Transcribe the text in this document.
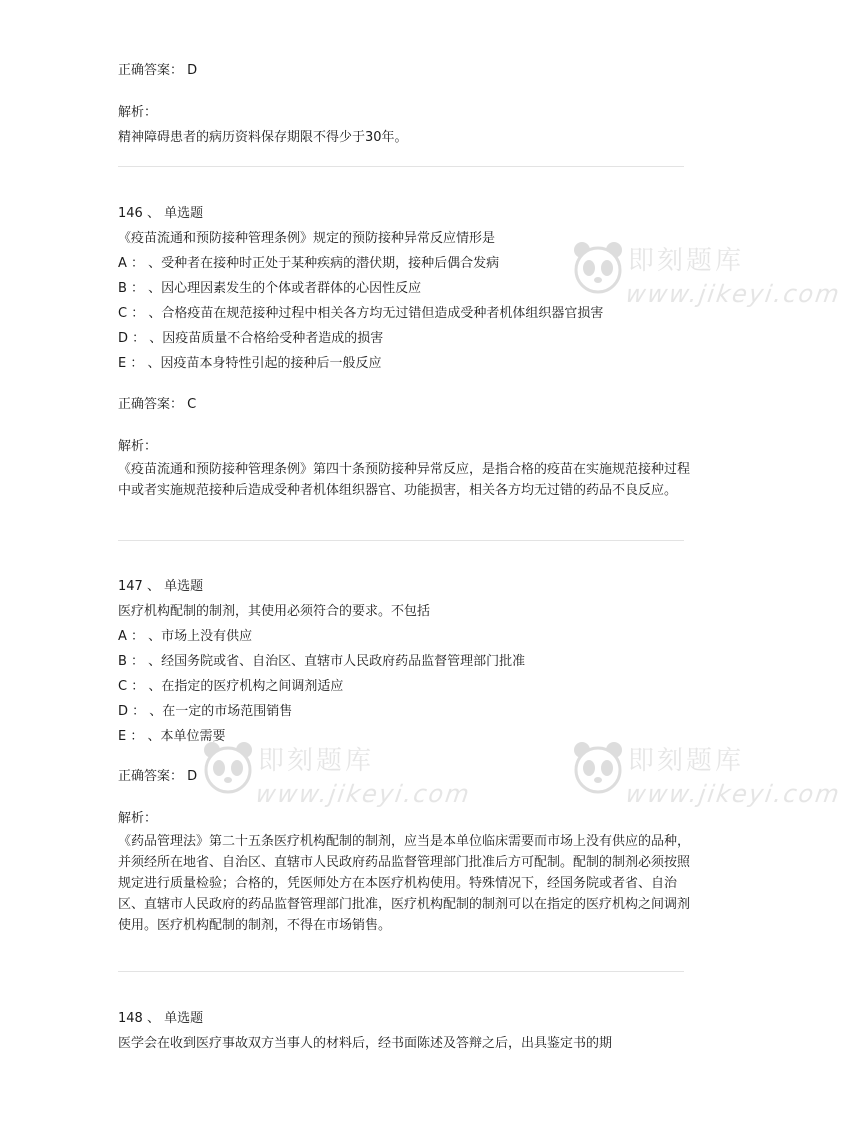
正确答案： D
解析：
精神障碍患者的病历资料保存期限不得少于30年。
146 、 单选题
《疫苗流通和预防接种管理条例》规定的预防接种异常反应情形是
A ： 、受种者在接种时正处于某种疾病的潜伏期，接种后偶合发病
B ： 、因心理因素发生的个体或者群体的心因性反应
C ： 、合格疫苗在规范接种过程中相关各方均无过错但造成受种者机体组织器官损害
D ： 、因疫苗质量不合格给受种者造成的损害
E ： 、因疫苗本身特性引起的接种后一般反应
正确答案： C
解析：
《疫苗流通和预防接种管理条例》第四十条预防接种异常反应，是指合格的疫苗在实施规范接种过程中或者实施规范接种后造成受种者机体组织器官、功能损害，相关各方均无过错的药品不良反应。
147 、 单选题
医疗机构配制的制剂，其使用必须符合的要求。不包括
A ： 、市场上没有供应
B ： 、经国务院或省、自治区、直辖市人民政府药品监督管理部门批准
C ： 、在指定的医疗机构之间调剂适应
D ： 、在一定的市场范围销售
E ： 、本单位需要
正确答案： D
解析：
《药品管理法》第二十五条医疗机构配制的制剂，应当是本单位临床需要而市场上没有供应的品种，并须经所在地省、自治区、直辖市人民政府药品监督管理部门批准后方可配制。配制的制剂必须按照规定进行质量检验；合格的，凭医师处方在本医疗机构使用。特殊情况下，经国务院或者省、自治区、直辖市人民政府的药品监督管理部门批准，医疗机构配制的制剂可以在指定的医疗机构之间调剂使用。医疗机构配制的制剂，不得在市场销售。
148 、 单选题
医学会在收到医疗事故双方当事人的材料后，经书面陈述及答辩之后，出具鉴定书的期
即刻题库
www.jikeyi.com
即刻题库
www.jikeyi.com
即刻题库
www.jikeyi.com
